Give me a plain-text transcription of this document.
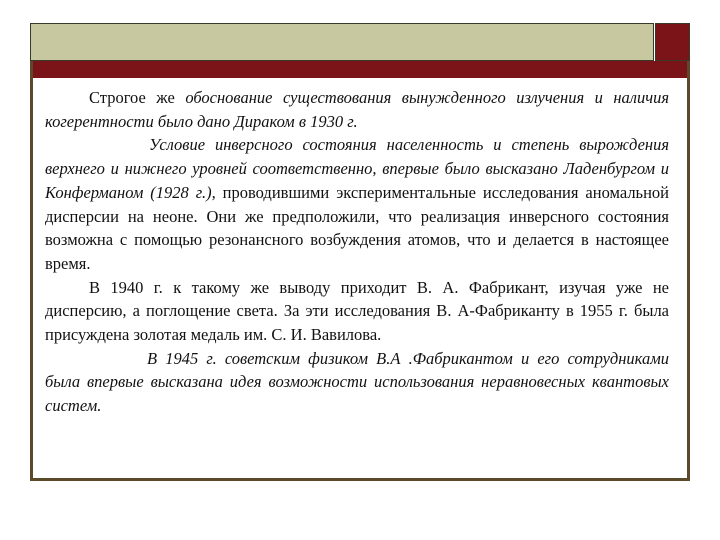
Строгое же обоснование существования вынужденного излучения и наличия когерентности было дано Дираком в 1930 г.

Условие инверсного состояния населенность и степень вырождения верхнего и нижнего уровней соответственно, впервые было высказано Ладенбургом и Конферманом (1928 г.), проводившими экспериментальные исследования аномальной дисперсии на неоне. Они же предположили, что реализация инверсного состояния возможна с помощью резонансного возбуждения атомов, что и делается в настоящее время.

В 1940 г. к такому же выводу приходит В. А. Фабрикант, изучая уже не дисперсию, а поглощение света. За эти исследования В. А-Фабриканту в 1955 г. была присуждена золотая медаль им. С. И. Вавилова.

В 1945 г. советским физиком В.А .Фабрикантом и его сотрудниками была впервые высказана идея возможности использования неравновесных квантовых систем.
